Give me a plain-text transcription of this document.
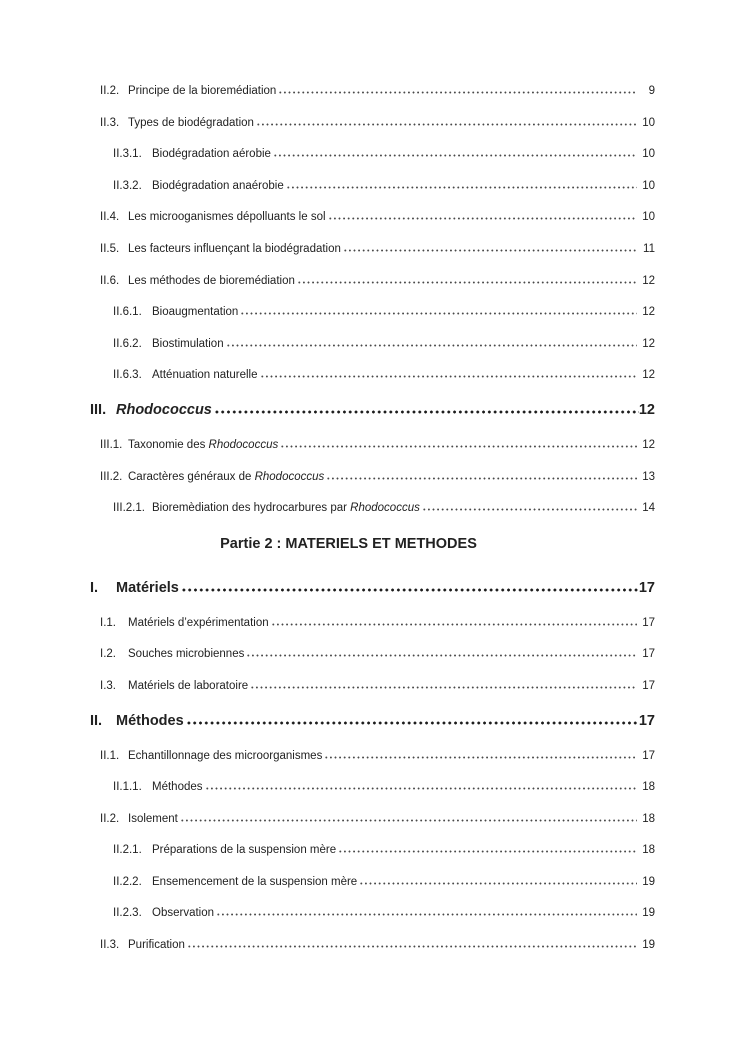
II.2. Principe de la bioremédiation	9
II.3. Types de biodégradation	10
II.3.1. Biodégradation aérobie	10
II.3.2. Biodégradation anaérobie	10
II.4. Les microoganismes dépolluants le sol	10
II.5. Les facteurs influençant la biodégradation	11
II.6. Les méthodes de bioremédiation	12
II.6.1. Bioaugmentation	12
II.6.2. Biostimulation	12
II.6.3. Atténuation naturelle	12
III. Rhodococcus	12
III.1. Taxonomie des Rhodococcus	12
III.2. Caractères généraux de Rhodococcus	13
III.2.1. Bioremèdiation des hydrocarbures par Rhodococcus	14
Partie 2 : MATERIELS ET METHODES
I.	Matériels	17
I.1.	Matériels d’expérimentation	17
I.2.	Souches microbiennes	17
I.3.	Matériels de laboratoire	17
II. Méthodes	17
II.1. Echantillonnage des microorganismes	17
II.1.1. Méthodes	18
II.2. Isolement	18
II.2.1. Préparations de la suspension mère	18
II.2.2. Ensemencement de la suspension mère	19
II.2.3. Observation	19
II.3. Purification	19
